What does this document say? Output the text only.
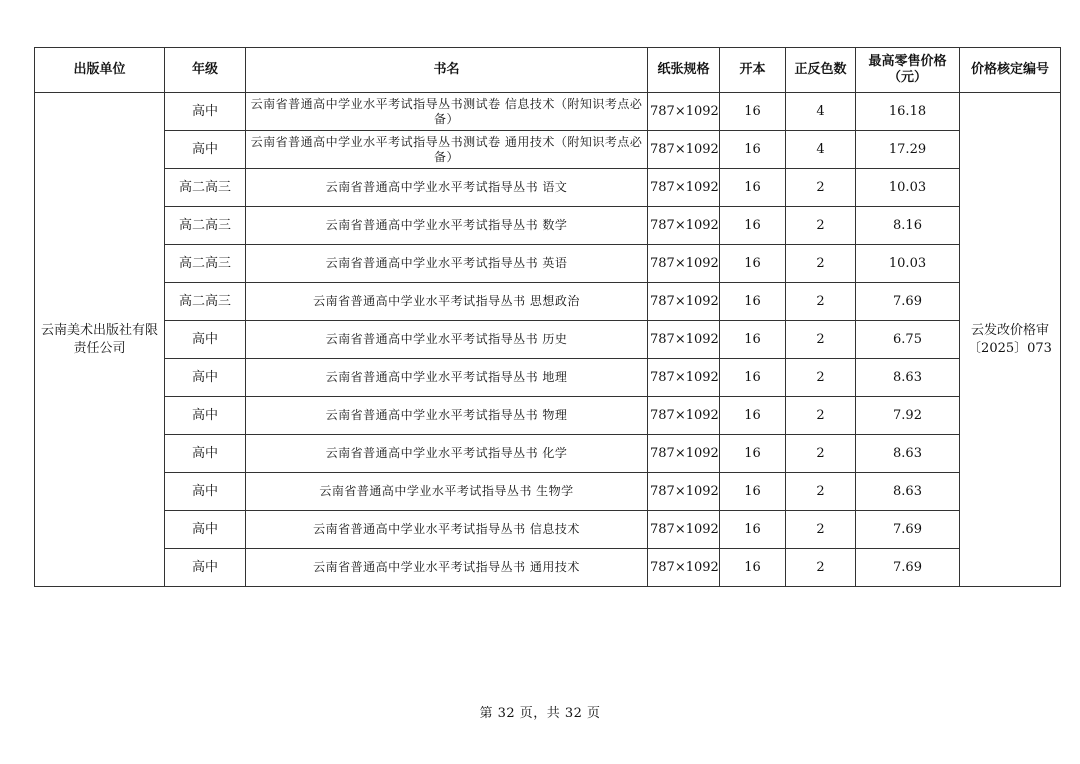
出版单位	年级	书名	纸张规格	开本	正反色数	最高零售价格（元）	价格核定编号
云南美术出版社有限责任公司	高中	云南省普通高中学业水平考试指导丛书测试卷 信息技术（附知识考点必备）	787×1092	16	4	16.18	云发改价格审〔2025〕073
	高中	云南省普通高中学业水平考试指导丛书测试卷 通用技术（附知识考点必备）	787×1092	16	4	17.29	
	高二高三	云南省普通高中学业水平考试指导丛书 语文	787×1092	16	2	10.03	
	高二高三	云南省普通高中学业水平考试指导丛书 数学	787×1092	16	2	8.16	
	高二高三	云南省普通高中学业水平考试指导丛书 英语	787×1092	16	2	10.03	
	高二高三	云南省普通高中学业水平考试指导丛书 思想政治	787×1092	16	2	7.69	
	高中	云南省普通高中学业水平考试指导丛书 历史	787×1092	16	2	6.75	
	高中	云南省普通高中学业水平考试指导丛书 地理	787×1092	16	2	8.63	
	高中	云南省普通高中学业水平考试指导丛书 物理	787×1092	16	2	7.92	
	高中	云南省普通高中学业水平考试指导丛书 化学	787×1092	16	2	8.63	
	高中	云南省普通高中学业水平考试指导丛书 生物学	787×1092	16	2	8.63	
	高中	云南省普通高中学业水平考试指导丛书 信息技术	787×1092	16	2	7.69	
	高中	云南省普通高中学业水平考试指导丛书 通用技术	787×1092	16	2	7.69	
第 32 页，共 32 页
